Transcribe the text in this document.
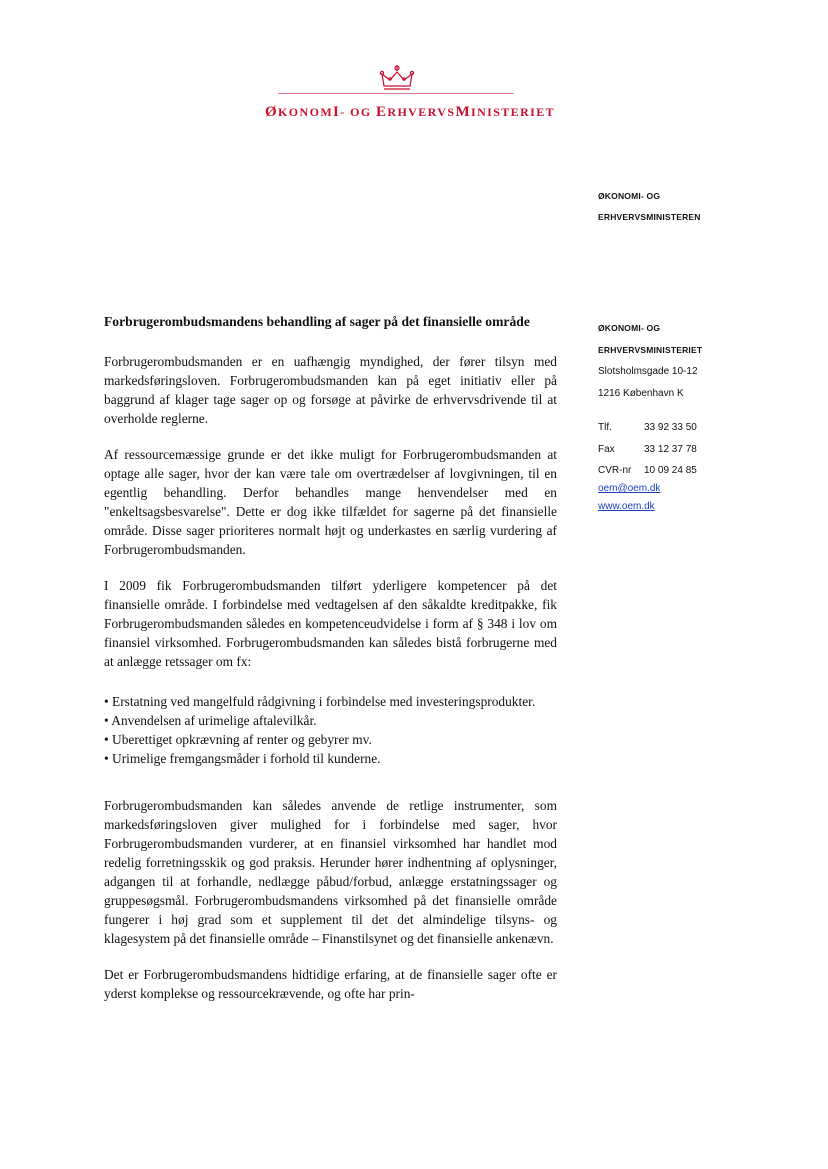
ØKONOMI- OG ERHVERVSMINISTERIET
ØKONOMI- OG
ERHVERVSMINISTEREN
ØKONOMI- OG
ERHVERVSMINISTERIET
Slotsholmsgade 10-12
1216 København K
Tlf.	33 92 33 50
Fax	33 12 37 78
CVR-nr	10 09 24 85
oem@oem.dk
www.oem.dk
Forbrugerombudsmandens behandling af sager på det finansielle område

Forbrugerombudsmanden er en uafhængig myndighed, der fører tilsyn med markedsføringsloven. Forbrugerombudsmanden kan på eget initiativ eller på baggrund af klager tage sager op og forsøge at påvirke de erhvervsdrivende til at overholde reglerne.

Af ressourcemæssige grunde er det ikke muligt for Forbrugerombudsmanden at optage alle sager, hvor der kan være tale om overtrædelser af lovgivningen, til en egentlig behandling. Derfor behandles mange henvendelser med en "enkeltsagsbesvarelse". Dette er dog ikke tilfældet for sagerne på det finansielle område. Disse sager prioriteres normalt højt og underkastes en særlig vurdering af Forbrugerombudsmanden.

I 2009 fik Forbrugerombudsmanden tilført yderligere kompetencer på det finansielle område. I forbindelse med vedtagelsen af den såkaldte kreditpakke, fik Forbrugerombudsmanden således en kompetenceudvidelse i form af § 348 i lov om finansiel virksomhed. Forbrugerombudsmanden kan således bistå forbrugerne med at anlægge retssager om fx:

• Erstatning ved mangelfuld rådgivning i forbindelse med investeringsprodukter.
• Anvendelsen af urimelige aftalevilkår.
• Uberettiget opkrævning af renter og gebyrer mv.
• Urimelige fremgangsmåder i forhold til kunderne.

Forbrugerombudsmanden kan således anvende de retlige instrumenter, som markedsføringsloven giver mulighed for i forbindelse med sager, hvor Forbrugerombudsmanden vurderer, at en finansiel virksomhed har handlet mod redelig forretningsskik og god praksis. Herunder hører indhentning af oplysninger, adgangen til at forhandle, nedlægge påbud/forbud, anlægge erstatningssager og gruppesøgsmål. Forbrugerombudsmandens virksomhed på det finansielle område fungerer i høj grad som et supplement til det det almindelige tilsyns- og klagesystem på det finansielle område – Finanstilsynet og det finansielle ankenævn.

Det er Forbrugerombudsmandens hidtidige erfaring, at de finansielle sager ofte er yderst komplekse og ressourcekrævende, og ofte har prin-
